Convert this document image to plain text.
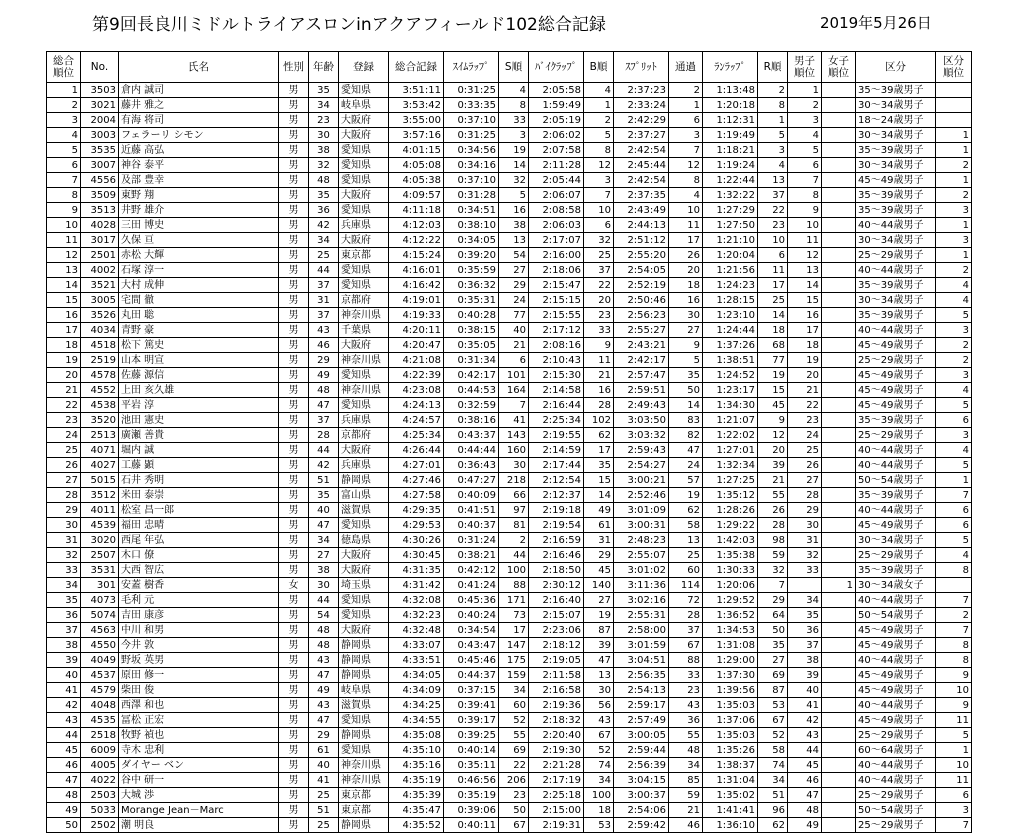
第9回長良川ミドルトライアスロンinアクアフィールド102総合記録	2019年5月26日
総合順位	No.	氏名	性別	年齢	登録	総合記録	ｽｲﾑﾗｯﾌﾟ	S順	ﾊﾞｲｸﾗｯﾌﾟ	B順	ｽﾌﾟﾘｯﾄ	通過	ﾗﾝﾗｯﾌﾟ	R順	男子順位	女子順位	区分	区分順位
1	3503	倉内 誠司	男	35	愛知県	3:51:11	0:31:25	4	2:05:58	4	2:37:23	2	1:13:48	2	1		35～39歳男子	
2	3021	藤井 雅之	男	34	岐阜県	3:53:42	0:33:35	8	1:59:49	1	2:33:24	1	1:20:18	8	2		30～34歳男子	
3	2004	有海 将司	男	23	大阪府	3:55:00	0:37:10	33	2:05:19	2	2:42:29	6	1:12:31	1	3		18～24歳男子	
4	3003	フェラーリ シモン	男	30	大阪府	3:57:16	0:31:25	3	2:06:02	5	2:37:27	3	1:19:49	5	4		30～34歳男子	1
5	3535	近藤 高弘	男	38	愛知県	4:01:15	0:34:56	19	2:07:58	8	2:42:54	7	1:18:21	3	5		35～39歳男子	1
6	3007	神谷 泰平	男	32	愛知県	4:05:08	0:34:16	14	2:11:28	12	2:45:44	12	1:19:24	4	6		30～34歳男子	2
7	4556	及部 豊幸	男	48	愛知県	4:05:38	0:37:10	32	2:05:44	3	2:42:54	8	1:22:44	13	7		45～49歳男子	1
8	3509	東野 翔	男	35	大阪府	4:09:57	0:31:28	5	2:06:07	7	2:37:35	4	1:32:22	37	8		35～39歳男子	2
9	3513	井野 雄介	男	36	愛知県	4:11:18	0:34:51	16	2:08:58	10	2:43:49	10	1:27:29	22	9		35～39歳男子	3
10	4028	三田 博史	男	42	兵庫県	4:12:03	0:38:10	38	2:06:03	6	2:44:13	11	1:27:50	23	10		40～44歳男子	1
11	3017	久保 亘	男	34	大阪府	4:12:22	0:34:05	13	2:17:07	32	2:51:12	17	1:21:10	10	11		30～34歳男子	3
12	2501	赤松 大輝	男	25	東京都	4:15:24	0:39:20	54	2:16:00	25	2:55:20	26	1:20:04	6	12		25～29歳男子	1
13	4002	石塚 淳一	男	44	愛知県	4:16:01	0:35:59	27	2:18:06	37	2:54:05	20	1:21:56	11	13		40～44歳男子	2
14	3521	大村 成伸	男	37	愛知県	4:16:42	0:36:32	29	2:15:47	22	2:52:19	18	1:24:23	17	14		35～39歳男子	4
15	3005	宅間 徹	男	31	京都府	4:19:01	0:35:31	24	2:15:15	20	2:50:46	16	1:28:15	25	15		30～34歳男子	4
16	3526	丸田 聡	男	37	神奈川県	4:19:33	0:40:28	77	2:15:55	23	2:56:23	30	1:23:10	14	16		35～39歳男子	5
17	4034	青野 豪	男	43	千葉県	4:20:11	0:38:15	40	2:17:12	33	2:55:27	27	1:24:44	18	17		40～44歳男子	3
18	4518	松下 篤史	男	46	大阪府	4:20:47	0:35:05	21	2:08:16	9	2:43:21	9	1:37:26	68	18		45～49歳男子	2
19	2519	山本 明宣	男	29	神奈川県	4:21:08	0:31:34	6	2:10:43	11	2:42:17	5	1:38:51	77	19		25～29歳男子	2
20	4578	佐藤 源信	男	49	愛知県	4:22:39	0:42:17	101	2:15:30	21	2:57:47	35	1:24:52	19	20		45～49歳男子	3
21	4552	上田 亥久雄	男	48	神奈川県	4:23:08	0:44:53	164	2:14:58	16	2:59:51	50	1:23:17	15	21		45～49歳男子	4
22	4538	平岩 淳	男	47	愛知県	4:24:13	0:32:59	7	2:16:44	28	2:49:43	14	1:34:30	45	22		45～49歳男子	5
23	3520	池田 憲史	男	37	兵庫県	4:24:57	0:38:16	41	2:25:34	102	3:03:50	83	1:21:07	9	23		35～39歳男子	6
24	2513	廣瀬 善貴	男	28	京都府	4:25:34	0:43:37	143	2:19:55	62	3:03:32	82	1:22:02	12	24		25～29歳男子	3
25	4071	堀内 誠	男	44	大阪府	4:26:44	0:44:44	160	2:14:59	17	2:59:43	47	1:27:01	20	25		40～44歳男子	4
26	4027	工藤 顕	男	42	兵庫県	4:27:01	0:36:43	30	2:17:44	35	2:54:27	24	1:32:34	39	26		40～44歳男子	5
27	5015	石井 秀明	男	51	静岡県	4:27:46	0:47:27	218	2:12:54	15	3:00:21	57	1:27:25	21	27		50～54歳男子	1
28	3512	米田 泰崇	男	35	富山県	4:27:58	0:40:09	66	2:12:37	14	2:52:46	19	1:35:12	55	28		35～39歳男子	7
29	4011	松室 昌一郎	男	40	滋賀県	4:29:35	0:41:51	97	2:19:18	49	3:01:09	62	1:28:26	26	29		40～44歳男子	6
30	4539	福田 忠晴	男	47	愛知県	4:29:53	0:40:37	81	2:19:54	61	3:00:31	58	1:29:22	28	30		45～49歳男子	6
31	3020	西尾 年弘	男	34	徳島県	4:30:26	0:31:24	2	2:16:59	31	2:48:23	13	1:42:03	98	31		30～34歳男子	5
32	2507	木口 僚	男	27	大阪府	4:30:45	0:38:21	44	2:16:46	29	2:55:07	25	1:35:38	59	32		25～29歳男子	4
33	3531	大西 智広	男	38	大阪府	4:31:35	0:42:12	100	2:18:50	45	3:01:02	60	1:30:33	32	33		35～39歳男子	8
34	301	安蓋 樹香	女	30	埼玉県	4:31:42	0:41:24	88	2:30:12	140	3:11:36	114	1:20:06	7		1	30～34歳女子	
35	4073	毛利 元	男	44	愛知県	4:32:08	0:45:36	171	2:16:40	27	3:02:16	72	1:29:52	29	34		40～44歳男子	7
36	5074	吉田 康彦	男	54	愛知県	4:32:23	0:40:24	73	2:15:07	19	2:55:31	28	1:36:52	64	35		50～54歳男子	2
37	4563	中川 和男	男	48	大阪府	4:32:48	0:34:54	17	2:23:06	87	2:58:00	37	1:34:53	50	36		45～49歳男子	7
38	4550	今井 敦	男	48	静岡県	4:33:07	0:43:47	147	2:18:12	39	3:01:59	67	1:31:08	35	37		45～49歳男子	8
39	4049	野坂 英男	男	43	静岡県	4:33:51	0:45:46	175	2:19:05	47	3:04:51	88	1:29:00	27	38		40～44歳男子	8
40	4537	原田 修一	男	47	静岡県	4:34:05	0:44:37	159	2:11:58	13	2:56:35	33	1:37:30	69	39		45～49歳男子	9
41	4579	柴田 俊	男	49	岐阜県	4:34:09	0:37:15	34	2:16:58	30	2:54:13	23	1:39:56	87	40		45～49歳男子	10
42	4048	西澤 和也	男	43	滋賀県	4:34:25	0:39:41	60	2:19:36	56	2:59:17	43	1:35:03	53	41		40～44歳男子	9
43	4535	冨松 正宏	男	47	愛知県	4:34:55	0:39:17	52	2:18:32	43	2:57:49	36	1:37:06	67	42		45～49歳男子	11
44	2518	牧野 禎也	男	29	静岡県	4:35:08	0:39:25	55	2:20:40	67	3:00:05	55	1:35:03	52	43		25～29歳男子	5
45	6009	寺木 忠利	男	61	愛知県	4:35:10	0:40:14	69	2:19:30	52	2:59:44	48	1:35:26	58	44		60～64歳男子	1
46	4005	ダイヤー ベン	男	40	神奈川県	4:35:16	0:35:11	22	2:21:28	74	2:56:39	34	1:38:37	74	45		40～44歳男子	10
47	4022	谷中 研一	男	41	神奈川県	4:35:19	0:46:56	206	2:17:19	34	3:04:15	85	1:31:04	34	46		40～44歳男子	11
48	2503	大城 渉	男	25	東京都	4:35:39	0:35:19	23	2:25:18	100	3:00:37	59	1:35:02	51	47		25～29歳男子	6
49	5033	Morange Jean－Marc	男	51	東京都	4:35:47	0:39:06	50	2:15:00	18	2:54:06	21	1:41:41	96	48		50～54歳男子	3
50	2502	潮 明良	男	25	静岡県	4:35:52	0:40:11	67	2:19:31	53	2:59:42	46	1:36:10	62	49		25～29歳男子	7
